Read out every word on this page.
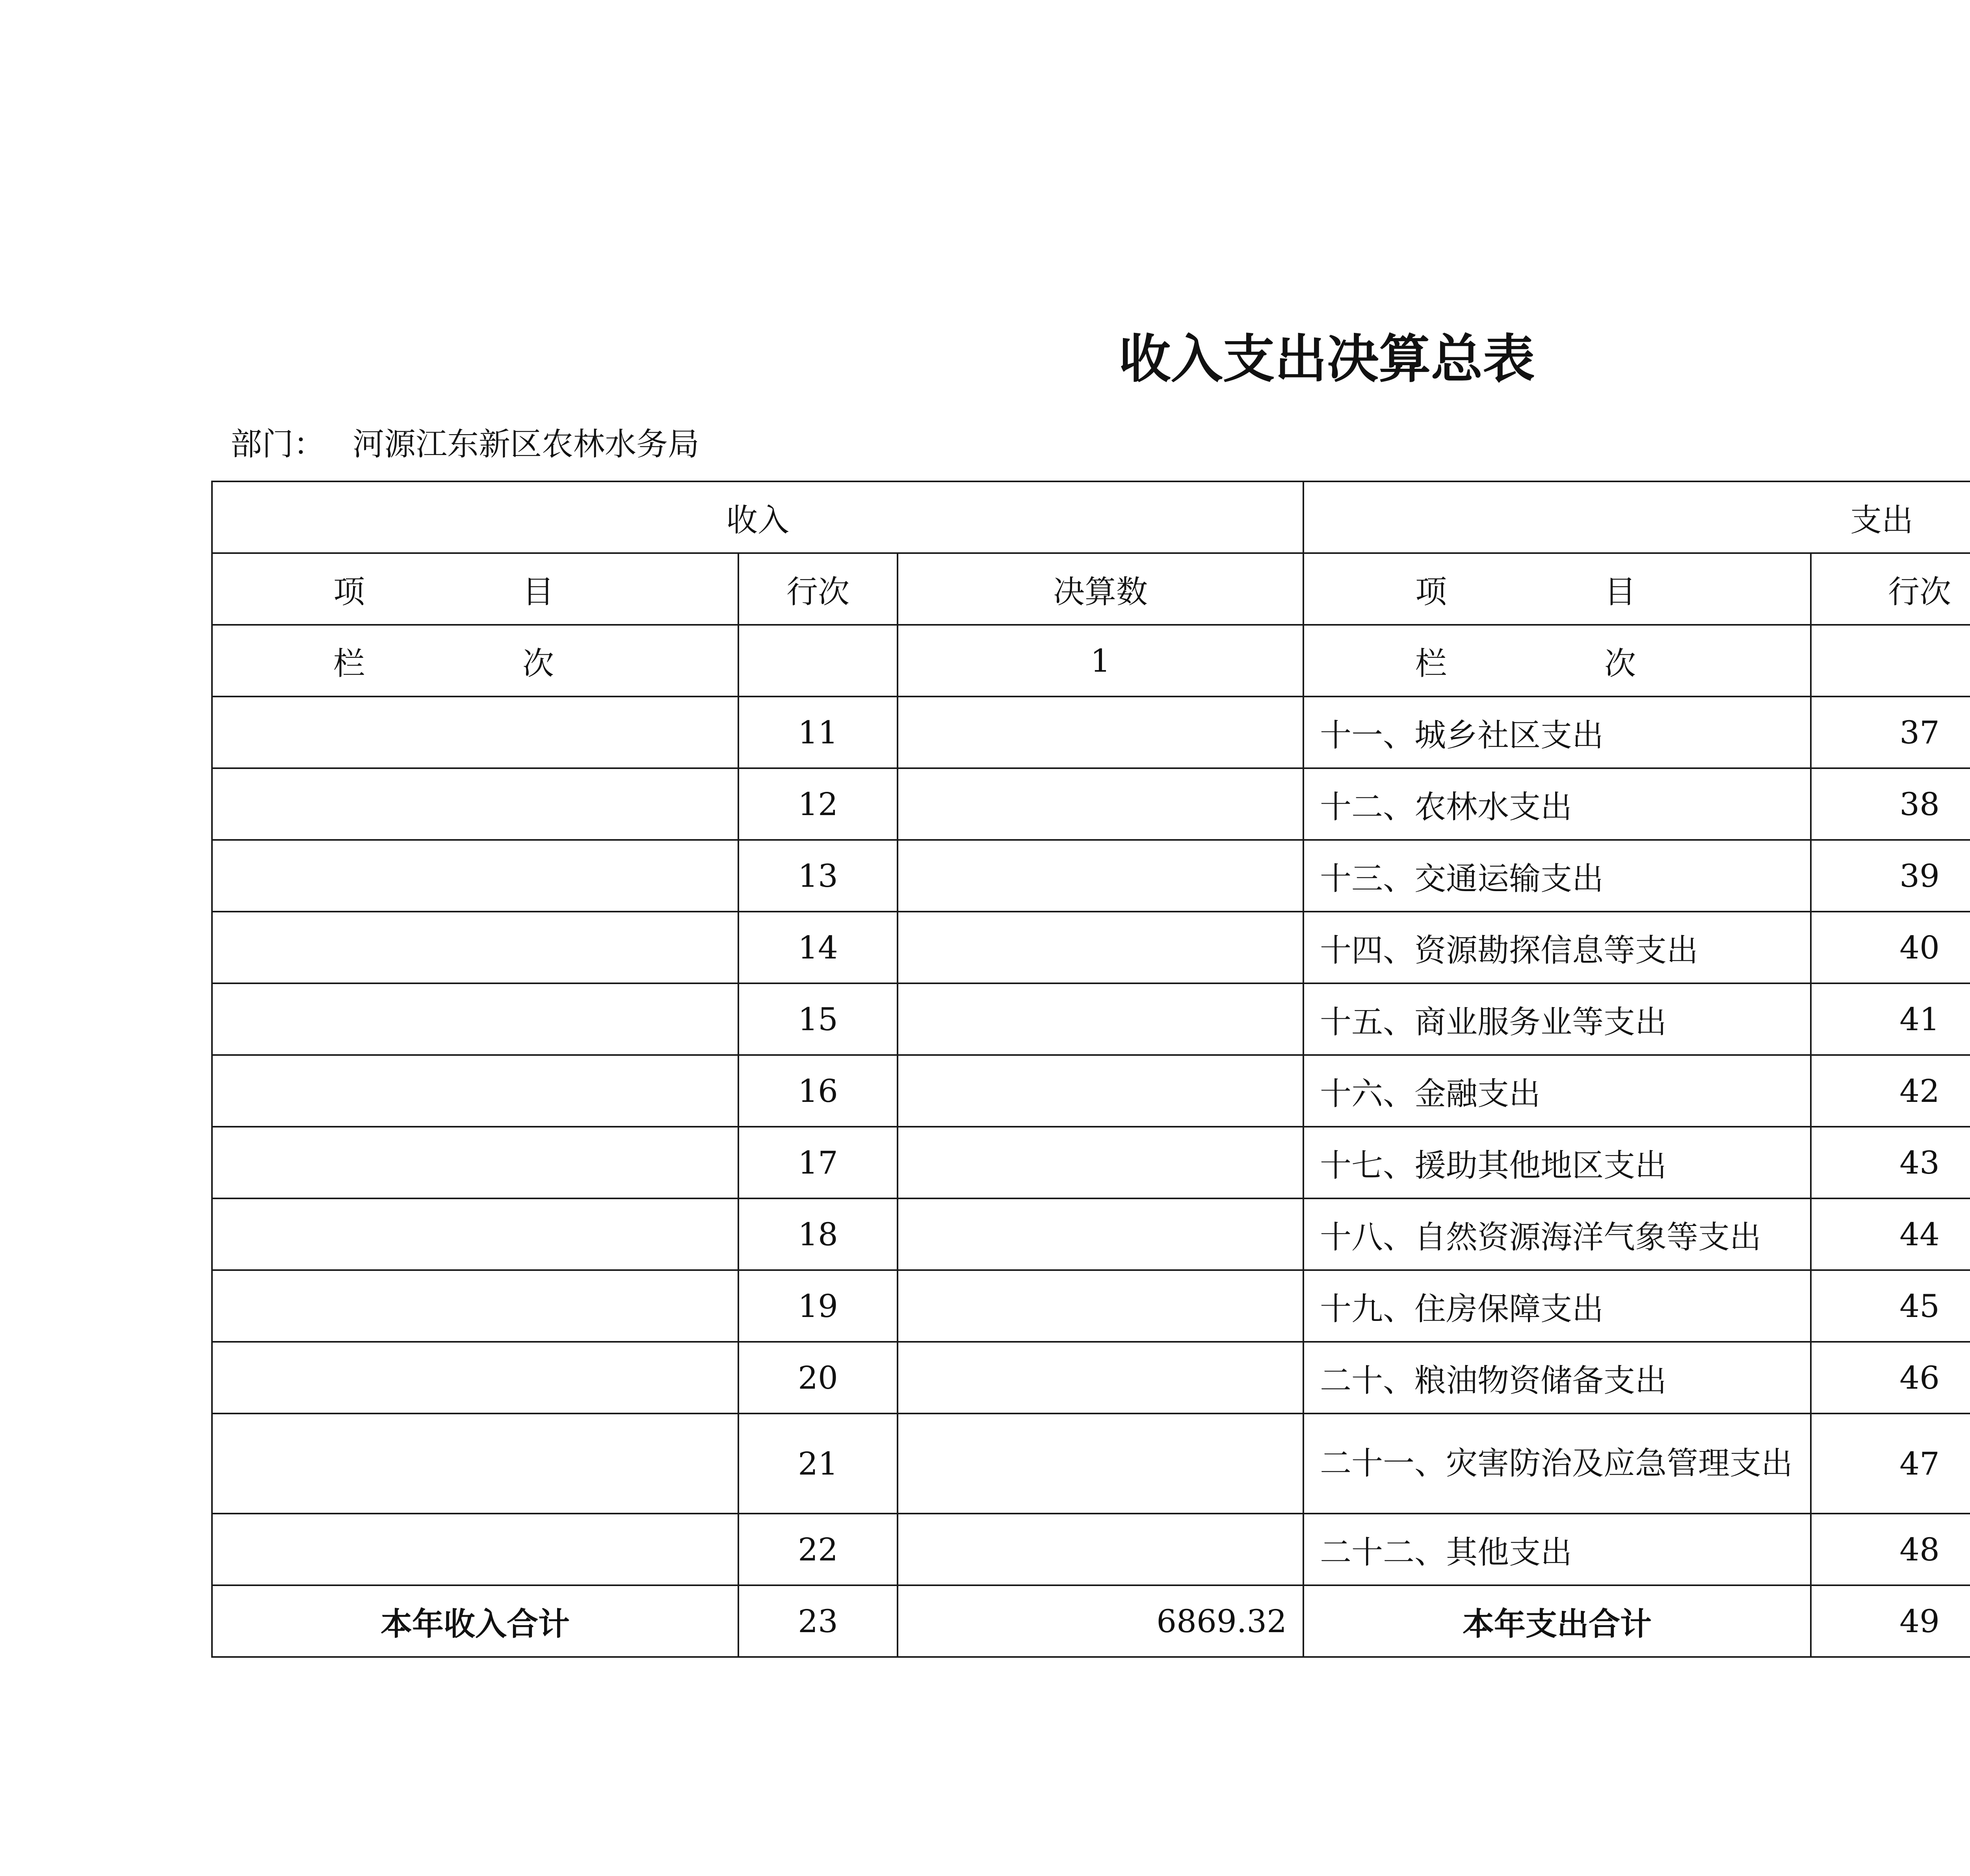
收入支出决算总表
部门： 河源江东新区农林水务局
收入			支出		
项　目	行次	决算数	项　目	行次	
栏　次		1	栏　次		
	11		十一、城乡社区支出	37	
	12		十二、农林水支出	38	
	13		十三、交通运输支出	39	
	14		十四、资源勘探信息等支出	40	
	15		十五、商业服务业等支出	41	
	16		十六、金融支出	42	
	17		十七、援助其他地区支出	43	
	18		十八、自然资源海洋气象等支出	44	
	19		十九、住房保障支出	45	
	20		二十、粮油物资储备支出	46	
	21		二十一、灾害防治及应急管理支出	47	
	22		二十二、其他支出	48	
本年收入合计	23	6869.32	本年支出合计	49	
